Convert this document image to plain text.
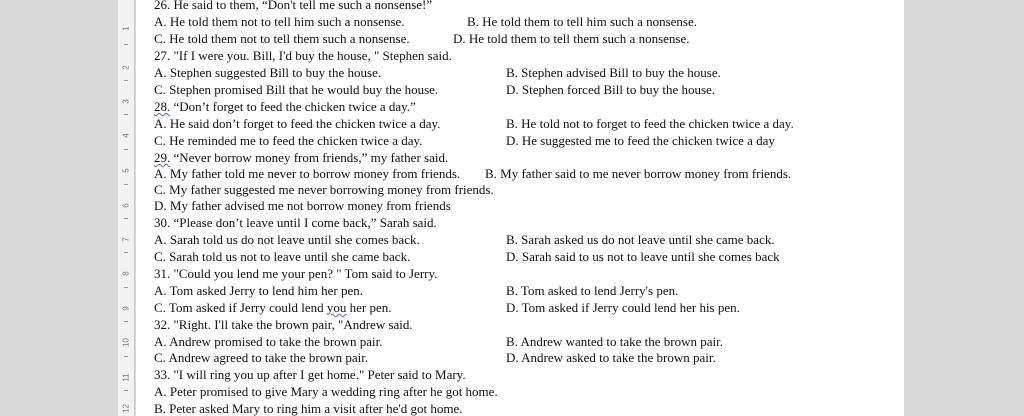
1
2
3
4
5
6
7
8
9
10
11
12
26. He said to them, “Don't tell me such a nonsense!”
A. He told them not to tell him such a nonsense.	B. He told them to tell him such a nonsense.
C. He told them not to tell them such a nonsense.	D. He told them to tell them such a nonsense.
27. "If I were you. Bill, I'd buy the house, " Stephen said.
A. Stephen suggested Bill to buy the house.	B. Stephen advised Bill to buy the house.
C. Stephen promised Bill that he would buy the house.	D. Stephen forced Bill to buy the house.
28. “Don’t forget to feed the chicken twice a day.”
A. He said don’t forget to feed the chicken twice a day.	B. He told not to forget to feed the chicken twice a day.
C. He reminded me to feed the chicken twice a day.	D. He suggested me to feed the chicken twice a day
29. “Never borrow money from friends,” my father said.
A. My father told me never to borrow money from friends. B. My father said to me never borrow money from friends.
C. My father suggested me never borrowing money from friends.
D. My father advised me not borrow money from friends
30. “Please don’t leave until I come back,” Sarah said.
A. Sarah told us do not leave until she comes back.	B. Sarah asked us do not leave until she came back.
C. Sarah told us not to leave until she came back.	D. Sarah said to us not to leave until she comes back
31. "Could you lend me your pen? " Tom said to Jerry.
A. Tom asked Jerry to lend him her pen.	B. Tom asked to lend Jerry's pen.
C. Tom asked if Jerry could lend you her pen.	D. Tom asked if Jerry could lend her his pen.
32. "Right. I'll take the brown pair, "Andrew said.
A. Andrew promised to take the brown pair.	B. Andrew wanted to take the brown pair.
C. Andrew agreed to take the brown pair.	D. Andrew asked to take the brown pair.
33. "I will ring you up after I get home." Peter said to Mary.
A. Peter promised to give Mary a wedding ring after he got home.
B. Peter asked Mary to ring him a visit after he'd got home.
